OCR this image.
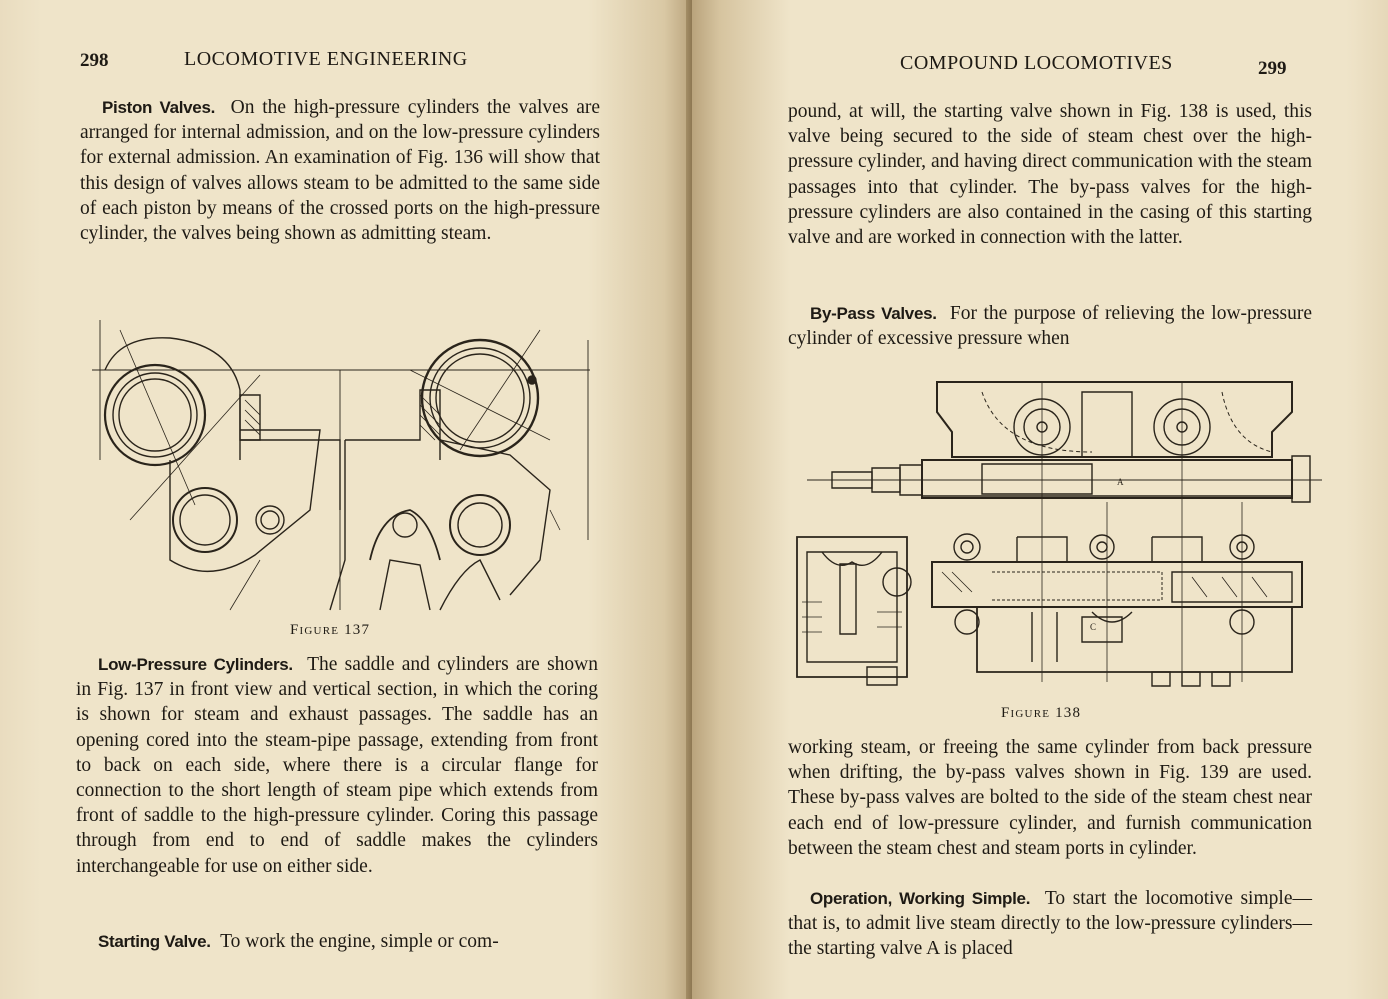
298	LOCOMOTIVE ENGINEERING

Piston Valves. On the high-pressure cylinders the valves are arranged for internal admission, and on the low-pressure cylinders for external admission. An examination of Fig. 136 will show that this design of valves allows steam to be admitted to the same side of each piston by means of the crossed ports on the high-pressure cylinder, the valves being shown as admitting steam.

Figure 137

Low-Pressure Cylinders. The saddle and cylinders are shown in Fig. 137 in front view and vertical section, in which the coring is shown for steam and exhaust passages. The saddle has an opening cored into the steam-pipe passage, extending from front to back on each side, where there is a circular flange for connection to the short length of steam pipe which extends from front of saddle to the high-pressure cylinder. Coring this passage through from end to end of saddle makes the cylinders interchangeable for use on either side.

Starting Valve. To work the engine, simple or com-

COMPOUND LOCOMOTIVES	299

pound, at will, the starting valve shown in Fig. 138 is used, this valve being secured to the side of steam chest over the high-pressure cylinder, and having direct communication with the steam passages into that cylinder. The by-pass valves for the high-pressure cylinders are also contained in the casing of this starting valve and are worked in connection with the latter.

By-Pass Valves. For the purpose of relieving the low-pressure cylinder of excessive pressure when

A
C
Figure 138

working steam, or freeing the same cylinder from back pressure when drifting, the by-pass valves shown in Fig. 139 are used. These by-pass valves are bolted to the side of the steam chest near each end of low-pressure cylinder, and furnish communication between the steam chest and steam ports in cylinder.

Operation, Working Simple. To start the locomotive simple—that is, to admit live steam directly to the low-pressure cylinders—the starting valve A is placed
